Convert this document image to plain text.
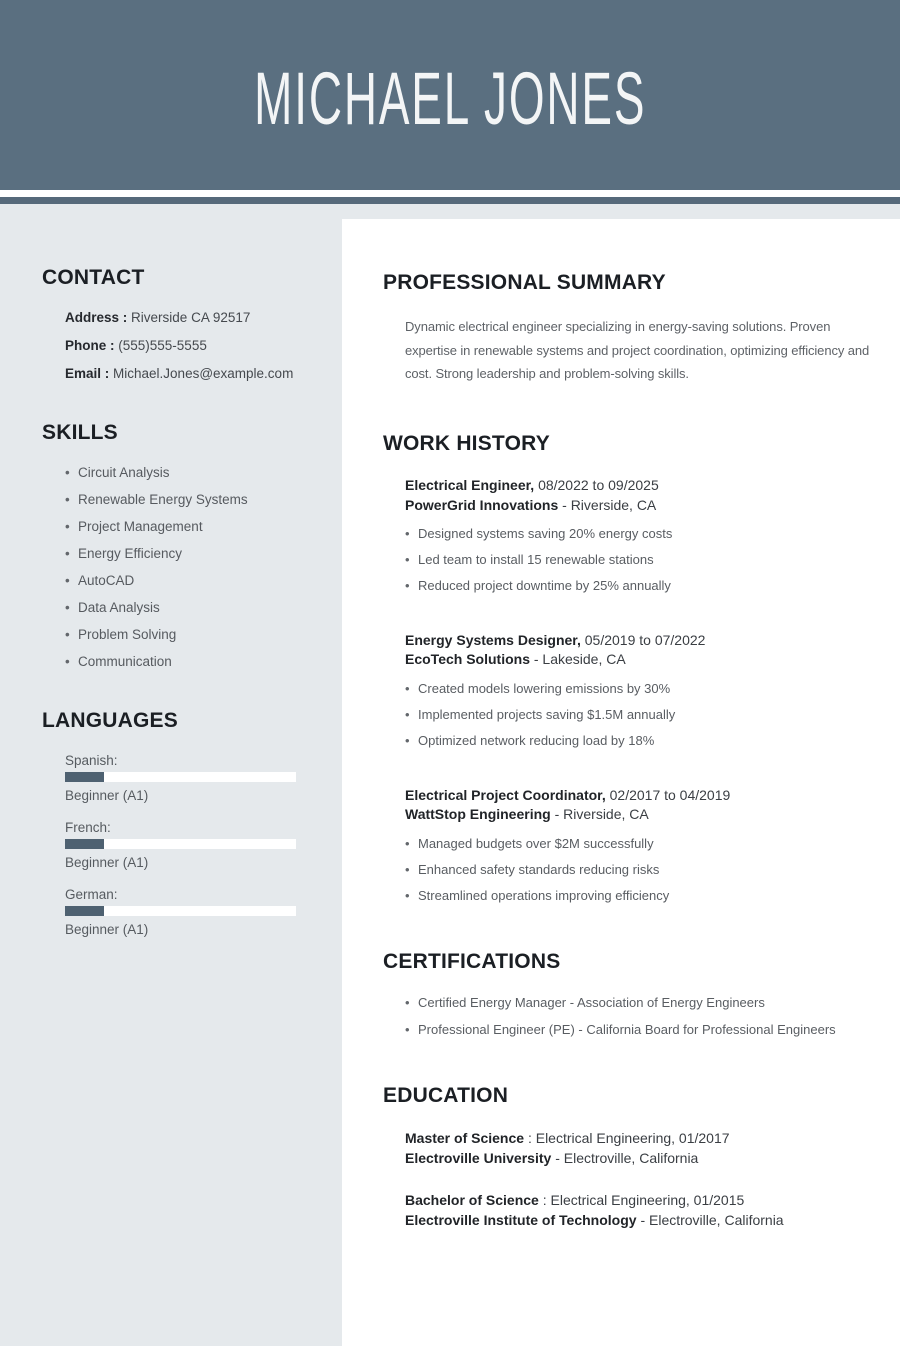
MICHAEL JONES
CONTACT
Address : Riverside CA 92517
Phone : (555)555-5555
Email : Michael.Jones@example.com
SKILLS
• Circuit Analysis
• Renewable Energy Systems
• Project Management
• Energy Efficiency
• AutoCAD
• Data Analysis
• Problem Solving
• Communication
LANGUAGES
Spanish:
Beginner (A1)
French:
Beginner (A1)
German:
Beginner (A1)
PROFESSIONAL SUMMARY

Dynamic electrical engineer specializing in energy-saving solutions. Proven expertise in renewable systems and project coordination, optimizing efficiency and cost. Strong leadership and problem-solving skills.

WORK HISTORY
Electrical Engineer, 08/2022 to 09/2025
PowerGrid Innovations - Riverside, CA
• Designed systems saving 20% energy costs
• Led team to install 15 renewable stations
• Reduced project downtime by 25% annually
Energy Systems Designer, 05/2019 to 07/2022
EcoTech Solutions - Lakeside, CA
• Created models lowering emissions by 30%
• Implemented projects saving $1.5M annually
• Optimized network reducing load by 18%
Electrical Project Coordinator, 02/2017 to 04/2019
WattStop Engineering - Riverside, CA
• Managed budgets over $2M successfully
• Enhanced safety standards reducing risks
• Streamlined operations improving efficiency
CERTIFICATIONS
• Certified Energy Manager - Association of Energy Engineers
• Professional Engineer (PE) - California Board for Professional Engineers
EDUCATION
Master of Science : Electrical Engineering, 01/2017
Electroville University - Electroville, California
Bachelor of Science : Electrical Engineering, 01/2015
Electroville Institute of Technology - Electroville, California
